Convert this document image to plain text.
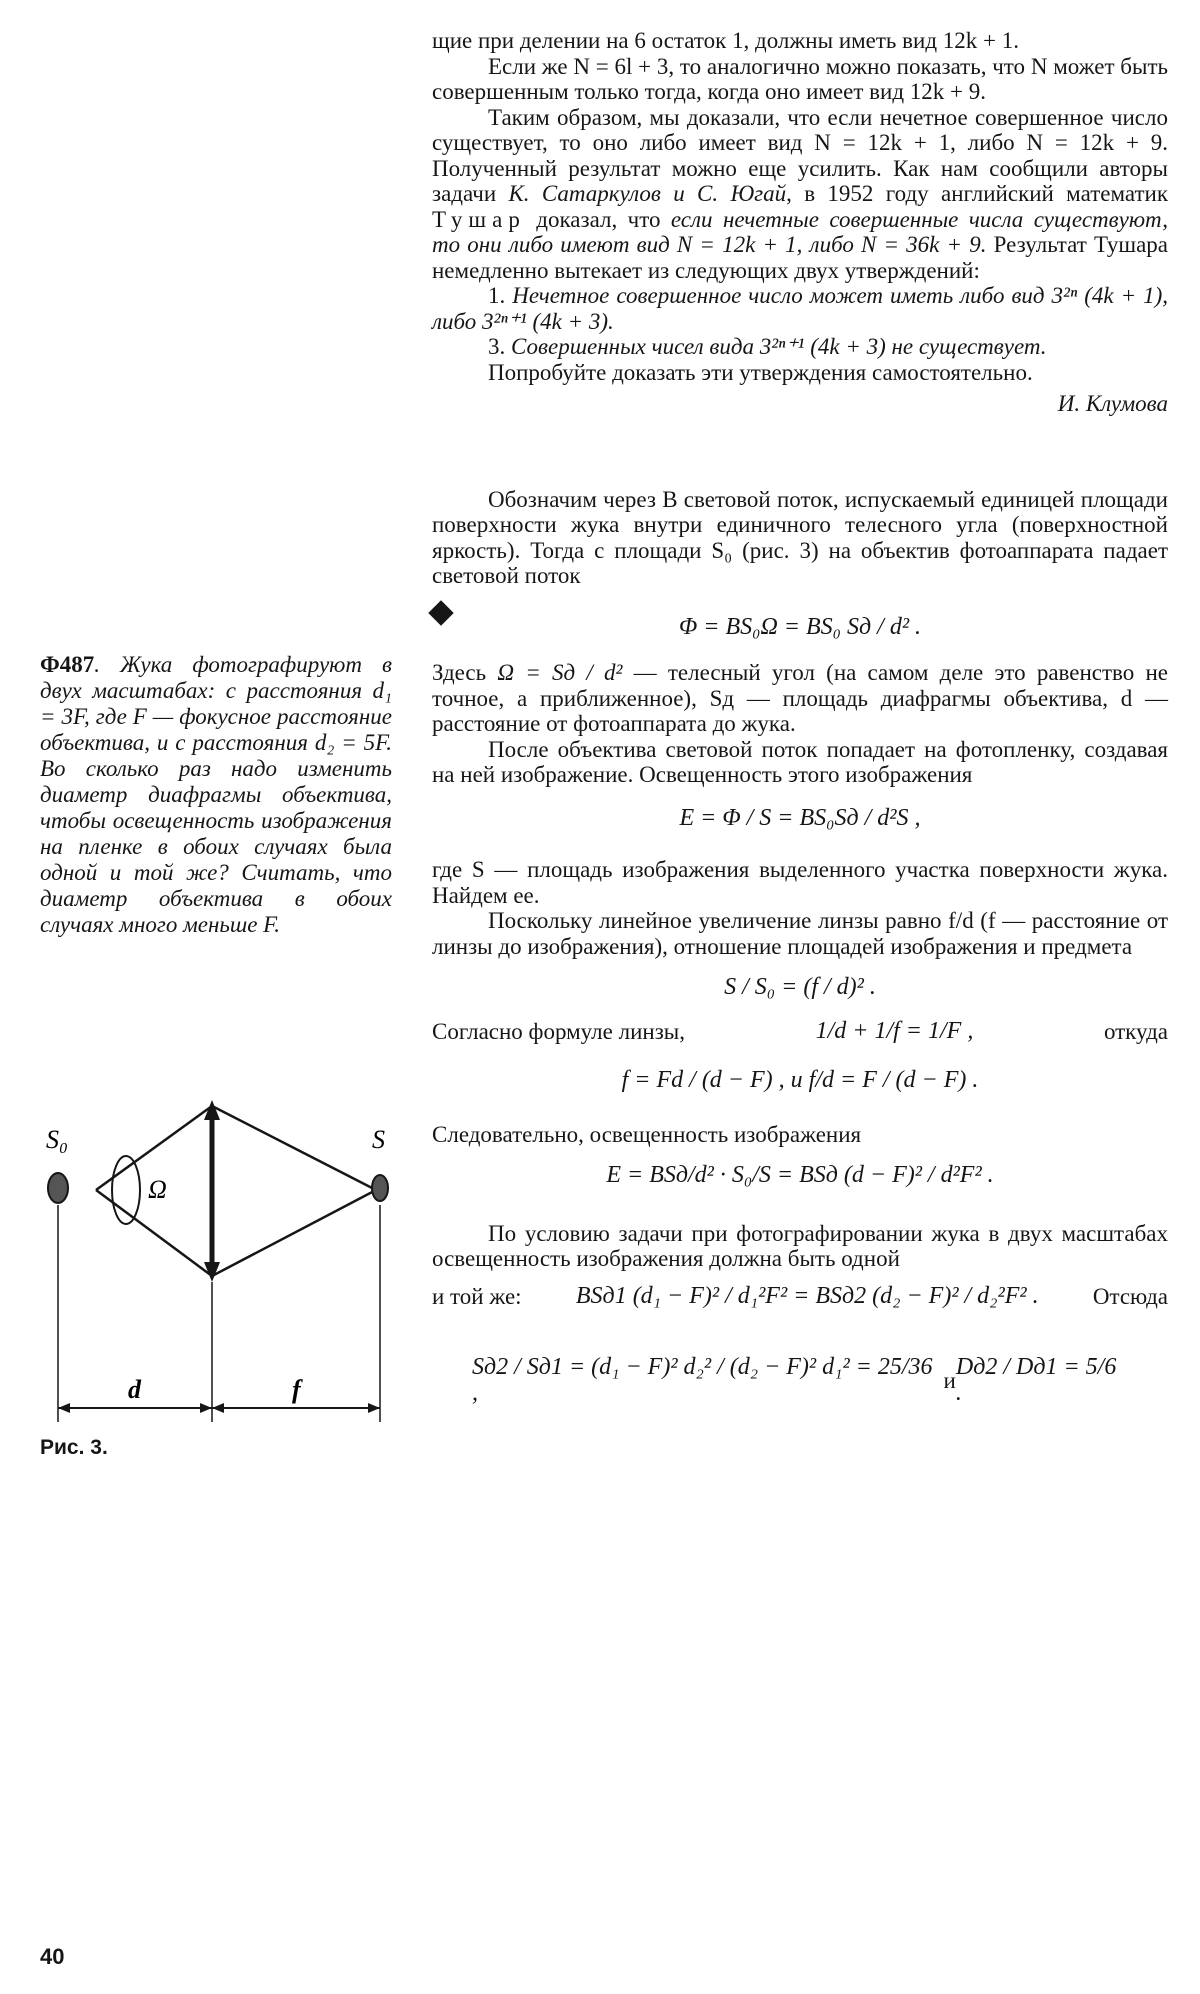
щие при делении на 6 остаток 1, должны иметь вид 12k + 1.

Если же N = 6l + 3, то аналогично можно показать, что N может быть совершенным только тогда, когда оно имеет вид 12k + 9.

Таким образом, мы доказали, что если нечетное совершенное число существует, то оно либо имеет вид N = 12k + 1, либо N = 12k + 9. Полученный результат можно еще усилить. Как нам сообщили авторы задачи К. Сатаркулов и С. Югай, в 1952 году английский математик Тушар доказал, что если нечетные совершенные числа существуют, то они либо имеют вид N = 12k + 1, либо N = 36k + 9. Результат Тушара немедленно вытекает из следующих двух утверждений:

1. Нечетное совершенное число может иметь либо вид 3²ⁿ (4k + 1), либо 3²ⁿ⁺¹ (4k + 3).

3. Совершенных чисел вида 3²ⁿ⁺¹ (4k + 3) не существует.

Попробуйте доказать эти утверждения самостоятельно.

И. Клумова

Обозначим через B световой поток, испускаемый единицей площади поверхности жука внутри единичного телесного угла (поверхностной яркость). Тогда с площади S₀ (рис. 3) на объектив фотоаппарата падает световой поток

Φ = BS₀Ω = BS₀ Sд / d² .

Здесь Ω = Sд / d² — телесный угол (на самом деле это равенство не точное, а приближенное), Sд — площадь диафрагмы объектива, d — расстояние от фотоаппарата до жука.

После объектива световой поток попадает на фотопленку, создавая на ней изображение. Освещенность этого изображения

E = Φ / S = BS₀Sд / d²S ,

где S — площадь изображения выделенного участка поверхности жука. Найдем ее.

Поскольку линейное увеличение линзы равно f/d (f — расстояние от линзы до изображения), отношение площадей изображения и предмета

S / S₀ = (f / d)² .
Согласно формуле линзы,	1/d + 1/f = 1/F ,	откуда
f = Fd / (d − F) , и f/d = F / (d − F) .

Следовательно, освещенность изображения

E = BSд/d² · S₀/S = BSд (d − F)² / d²F² .

По условию задачи при фотографировании жука в двух масштабах освещенность изображения должна быть одной

и той же: BSд1 (d₁ − F)² / d₁²F² = BSд2 (d₂ − F)² / d₂²F² . Отсюда
Sд2 / Sд1 = (d₁ − F)² d₂² / (d₂ − F)² d₁² = 25/36 ,	и
Dд2 / Dд1 = 5/6 .

Ф487. Жука фотографируют в двух масштабах: с расстояния d₁ = 3F, где F — фокусное расстояние объектива, и с расстояния d₂ = 5F. Во сколько раз надо изменить диаметр диафрагмы объектива, чтобы освещенность изображения на пленке в обоих случаях была одной и той же? Считать, что диаметр объектива в обоих случаях много меньше F.

S₀
Ω
S
d	f
Рис. 3.
40
